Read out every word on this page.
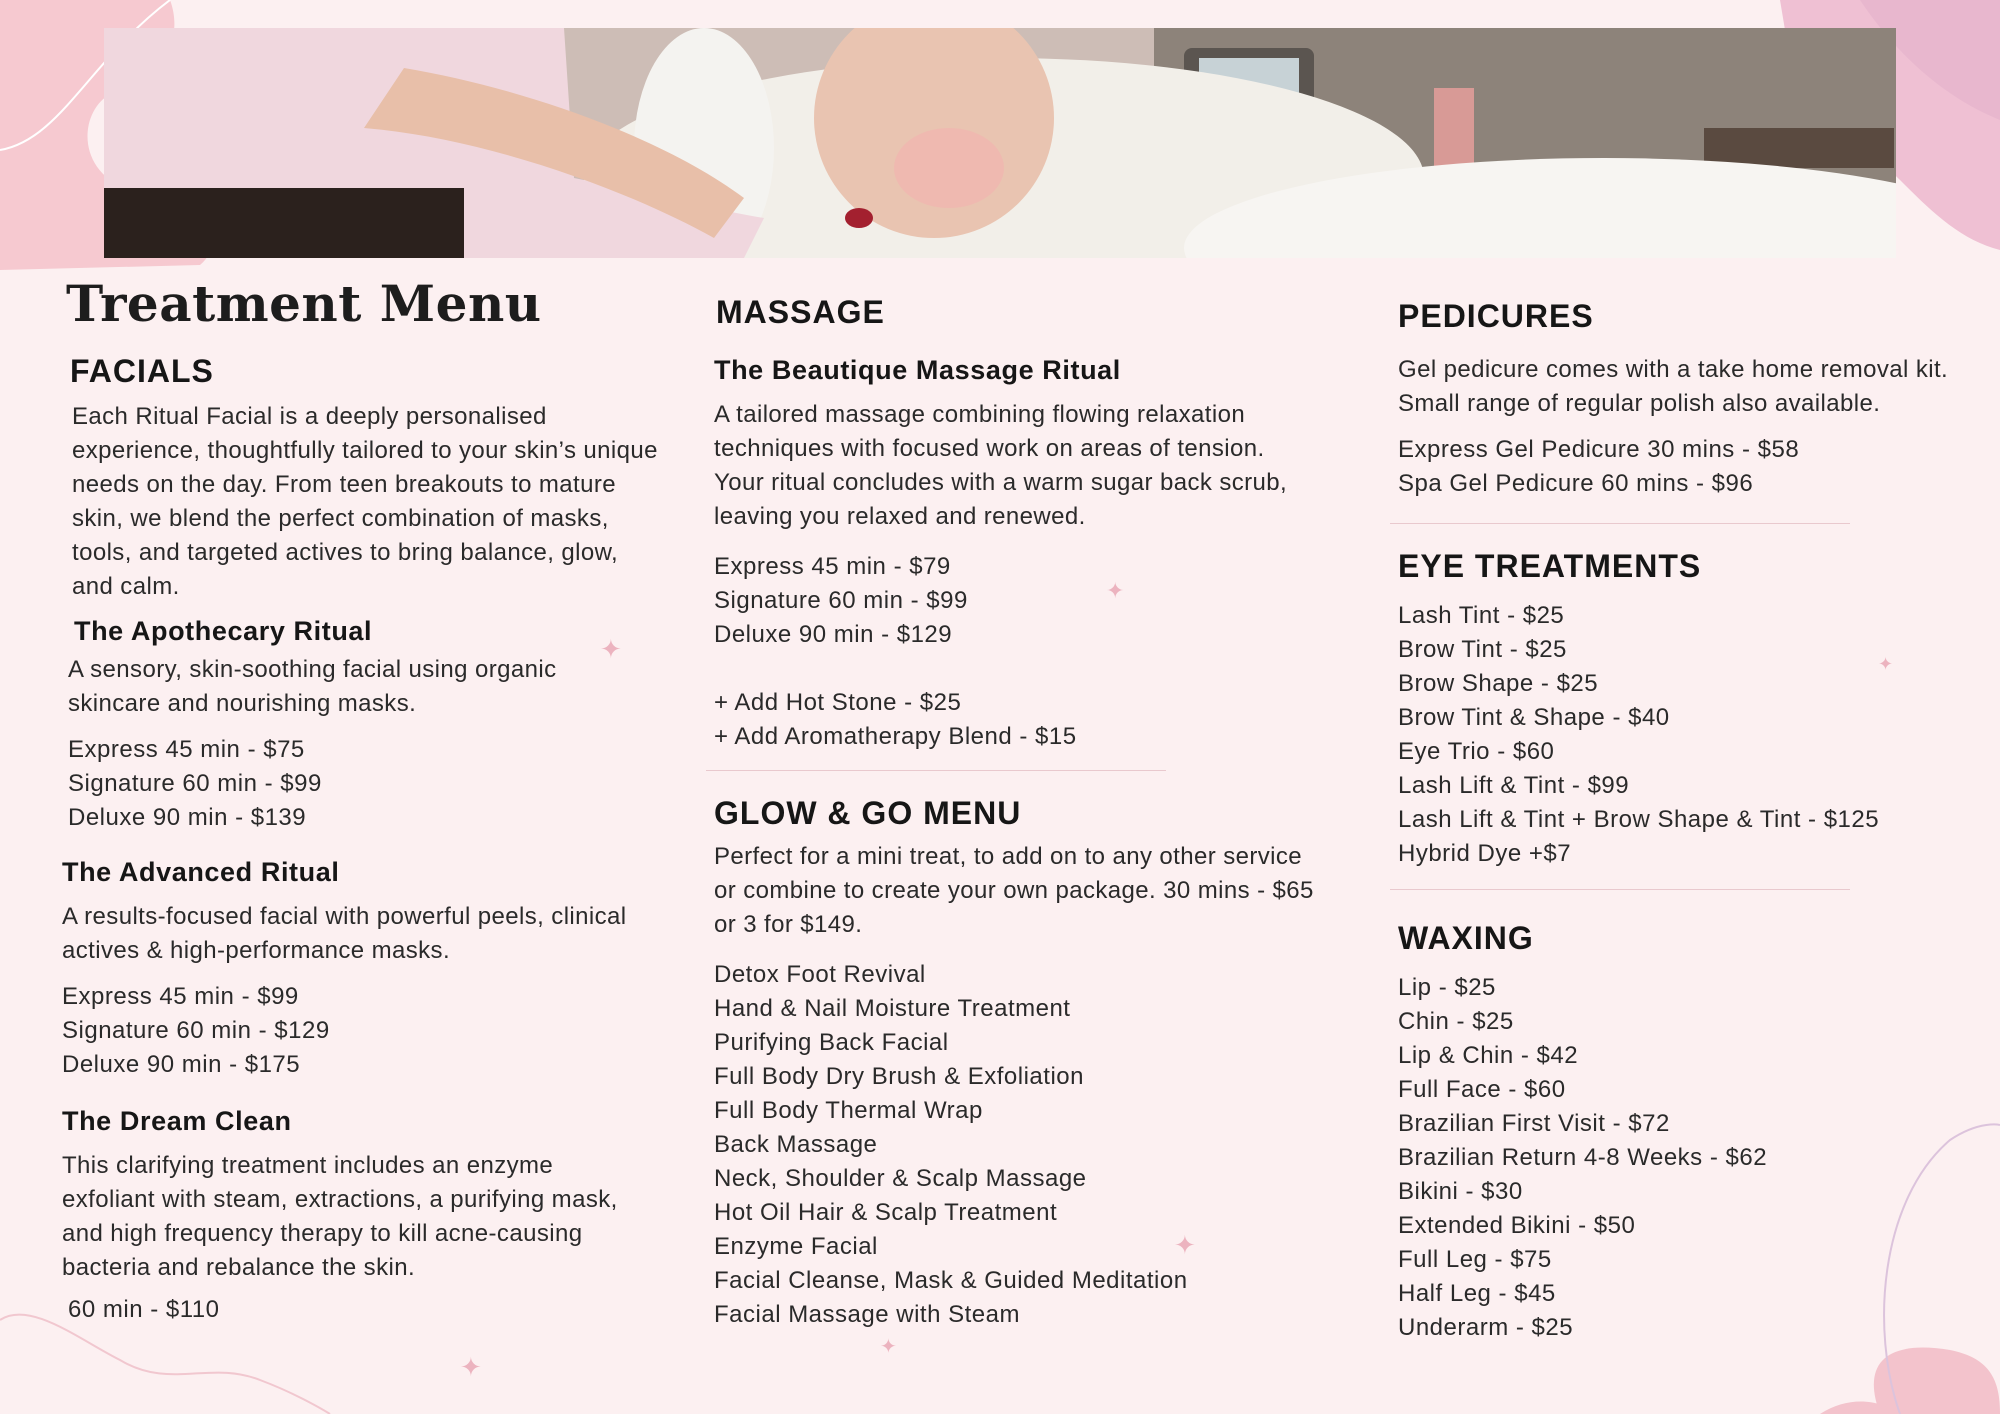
✦
✦
✦
✦
✦
✦
Treatment Menu
FACIALS
Each Ritual Facial is a deeply personalised experience, thoughtfully tailored to your skin’s unique needs on the day. From teen breakouts to mature skin, we blend the perfect combination of masks, tools, and targeted actives to bring balance, glow, and calm.
The Apothecary Ritual
A sensory, skin-soothing facial using organic skincare and nourishing masks.
Express 45 min - $75
Signature 60 min - $99
Deluxe 90 min - $139
The Advanced Ritual
A results-focused facial with powerful peels, clinical actives & high-performance masks.
Express 45 min - $99
Signature 60 min - $129
Deluxe 90 min - $175
The Dream Clean
This clarifying treatment includes an enzyme exfoliant with steam, extractions, a purifying mask, and high frequency therapy to kill acne-causing bacteria and rebalance the skin.
60 min - $110
MASSAGE
The Beautique Massage Ritual
A tailored massage combining flowing relaxation techniques with focused work on areas of tension. Your ritual concludes with a warm sugar back scrub, leaving you relaxed and renewed.
Express 45 min - $79
Signature 60 min - $99
Deluxe 90 min - $129
+ Add Hot Stone - $25
+ Add Aromatherapy Blend - $15
GLOW & GO MENU
Perfect for a mini treat, to add on to any other service or combine to create your own package. 30 mins - $65 or 3 for $149.
Detox Foot Revival
Hand & Nail Moisture Treatment
Purifying Back Facial
Full Body Dry Brush & Exfoliation
Full Body Thermal Wrap
Back Massage
Neck, Shoulder & Scalp Massage
Hot Oil Hair & Scalp Treatment
Enzyme Facial
Facial Cleanse, Mask & Guided Meditation
Facial Massage with Steam
PEDICURES
Gel pedicure comes with a take home removal kit. Small range of regular polish also available.
Express Gel Pedicure 30 mins - $58
Spa Gel Pedicure 60 mins - $96
EYE TREATMENTS
Lash Tint - $25
Brow Tint - $25
Brow Shape - $25
Brow Tint & Shape - $40
Eye Trio - $60
Lash Lift & Tint - $99
Lash Lift & Tint + Brow Shape & Tint - $125
Hybrid Dye +$7
WAXING
Lip - $25
Chin - $25
Lip & Chin - $42
Full Face - $60
Brazilian First Visit - $72
Brazilian Return 4-8 Weeks - $62
Bikini - $30
Extended Bikini - $50
Full Leg - $75
Half Leg - $45
Underarm - $25
